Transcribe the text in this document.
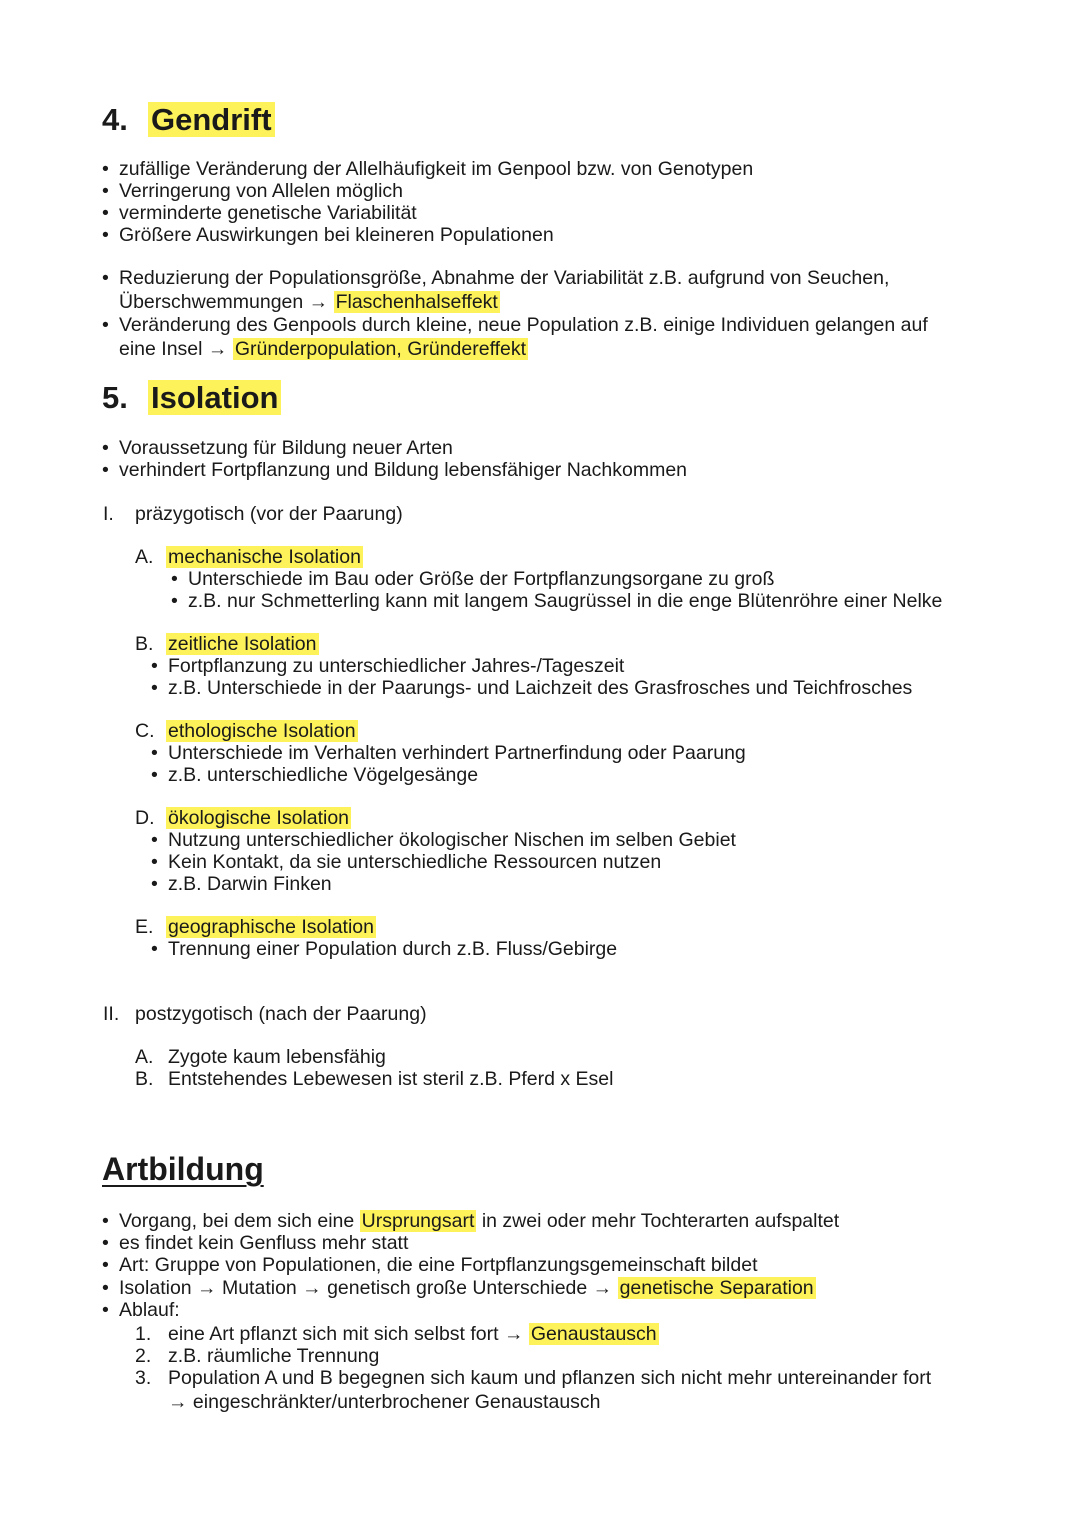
4. Gendrift
• zufällige Veränderung der Allelhäufigkeit im Genpool bzw. von Genotypen
• Verringerung von Allelen möglich
• verminderte genetische Variabilität
• Größere Auswirkungen bei kleineren Populationen
• Reduzierung der Populationsgröße, Abnahme der Variabilität z.B. aufgrund von Seuchen,
Überschwemmungen → Flaschenhalseffekt
• Veränderung des Genpools durch kleine, neue Population z.B. einige Individuen gelangen auf
eine Insel → Gründerpopulation, Gründereffekt
5. Isolation
• Voraussetzung für Bildung neuer Arten
• verhindert Fortpflanzung und Bildung lebensfähiger Nachkommen
I. präzygotisch (vor der Paarung)
A. mechanische Isolation
• Unterschiede im Bau oder Größe der Fortpflanzungsorgane zu groß
• z.B. nur Schmetterling kann mit langem Saugrüssel in die enge Blütenröhre einer Nelke
B. zeitliche Isolation
• Fortpflanzung zu unterschiedlicher Jahres-/Tageszeit
• z.B. Unterschiede in der Paarungs- und Laichzeit des Grasfrosches und Teichfrosches
C. ethologische Isolation
• Unterschiede im Verhalten verhindert Partnerfindung oder Paarung
• z.B. unterschiedliche Vögelgesänge
D. ökologische Isolation
• Nutzung unterschiedlicher ökologischer Nischen im selben Gebiet
• Kein Kontakt, da sie unterschiedliche Ressourcen nutzen
• z.B. Darwin Finken
E. geographische Isolation
• Trennung einer Population durch z.B. Fluss/Gebirge
II. postzygotisch (nach der Paarung)
A. Zygote kaum lebensfähig
B. Entstehendes Lebewesen ist steril z.B. Pferd x Esel
Artbildung
• Vorgang, bei dem sich eine Ursprungsart in zwei oder mehr Tochterarten aufspaltet
• es findet kein Genfluss mehr statt
• Art: Gruppe von Populationen, die eine Fortpflanzungsgemeinschaft bildet
• Isolation → Mutation → genetisch große Unterschiede → genetische Separation
• Ablauf:
1. eine Art pflanzt sich mit sich selbst fort → Genaustausch
2. z.B. räumliche Trennung
3. Population A und B begegnen sich kaum und pflanzen sich nicht mehr untereinander fort
→ eingeschränkter/unterbrochener Genaustausch
